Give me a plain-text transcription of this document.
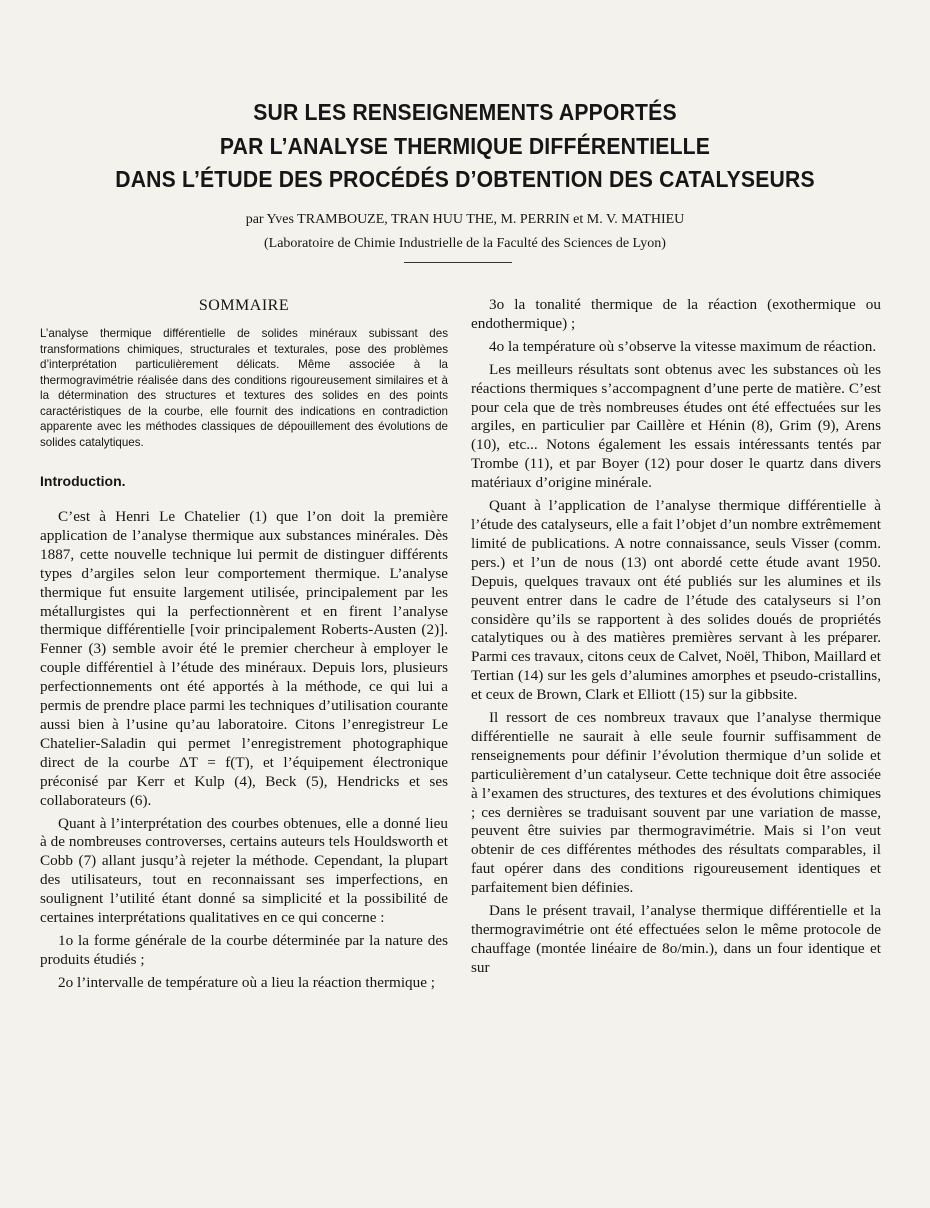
SUR LES RENSEIGNEMENTS APPORTÉS
PAR L’ANALYSE THERMIQUE DIFFÉRENTIELLE
DANS L’ÉTUDE DES PROCÉDÉS D’OBTENTION DES CATALYSEURS
par Yves TRAMBOUZE, TRAN HUU THE, M. PERRIN et M. V. MATHIEU
(Laboratoire de Chimie Industrielle de la Faculté des Sciences de Lyon)
SOMMAIRE
L’analyse thermique différentielle de solides minéraux subissant des transformations chimiques, structurales et texturales, pose des problèmes d’interprétation particulièrement délicats. Même associée à la thermogravimétrie réalisée dans des conditions rigoureusement similaires et à la détermination des structures et textures des solides en des points caractéristiques de la courbe, elle fournit des indications en contradiction apparente avec les méthodes classiques de dépouillement des évolutions de solides catalytiques.
Introduction.

C’est à Henri Le Chatelier (1) que l’on doit la première application de l’analyse thermique aux substances minérales. Dès 1887, cette nouvelle technique lui permit de distinguer différents types d’argiles selon leur comportement thermique. L’analyse thermique fut ensuite largement utilisée, principalement par les métallurgistes qui la perfectionnèrent et en firent l’analyse thermique différentielle [voir principalement Roberts-Austen (2)]. Fenner (3) semble avoir été le premier chercheur à employer le couple différentiel à l’étude des minéraux. Depuis lors, plusieurs perfectionnements ont été apportés à la méthode, ce qui lui a permis de prendre place parmi les techniques d’utilisation courante aussi bien à l’usine qu’au laboratoire. Citons l’enregistreur Le Chatelier-Saladin qui permet l’enregistrement photographique direct de la courbe ΔT = f(T), et l’équipement électronique préconisé par Kerr et Kulp (4), Beck (5), Hendricks et ses collaborateurs (6).

Quant à l’interprétation des courbes obtenues, elle a donné lieu à de nombreuses controverses, certains auteurs tels Houldsworth et Cobb (7) allant jusqu’à rejeter la méthode. Cependant, la plupart des utilisateurs, tout en reconnaissant ses imperfections, en soulignent l’utilité étant donné sa simplicité et la possibilité de certaines interprétations qualitatives en ce qui concerne :

1o la forme générale de la courbe déterminée par la nature des produits étudiés ;

2o l’intervalle de température où a lieu la réaction thermique ;

3o la tonalité thermique de la réaction (exothermique ou endothermique) ;

4o la température où s’observe la vitesse maximum de réaction.

Les meilleurs résultats sont obtenus avec les substances où les réactions thermiques s’accompagnent d’une perte de matière. C’est pour cela que de très nombreuses études ont été effectuées sur les argiles, en particulier par Caillère et Hénin (8), Grim (9), Arens (10), etc... Notons également les essais intéressants tentés par Trombe (11), et par Boyer (12) pour doser le quartz dans divers matériaux d’origine minérale.

Quant à l’application de l’analyse thermique différentielle à l’étude des catalyseurs, elle a fait l’objet d’un nombre extrêmement limité de publications. A notre connaissance, seuls Visser (comm. pers.) et l’un de nous (13) ont abordé cette étude avant 1950. Depuis, quelques travaux ont été publiés sur les alumines et ils peuvent entrer dans le cadre de l’étude des catalyseurs si l’on considère qu’ils se rapportent à des solides doués de propriétés catalytiques ou à des matières premières servant à les préparer. Parmi ces travaux, citons ceux de Calvet, Noël, Thibon, Maillard et Tertian (14) sur les gels d’alumines amorphes et pseudo-cristallins, et ceux de Brown, Clark et Elliott (15) sur la gibbsite.

Il ressort de ces nombreux travaux que l’analyse thermique différentielle ne saurait à elle seule fournir suffisamment de renseignements pour définir l’évolution thermique d’un solide et particulièrement d’un catalyseur. Cette technique doit être associée à l’examen des structures, des textures et des évolutions chimiques ; ces dernières se traduisant souvent par une variation de masse, peuvent être suivies par thermogravimétrie. Mais si l’on veut obtenir de ces différentes méthodes des résultats comparables, il faut opérer dans des conditions rigoureusement identiques et parfaitement bien définies.

Dans le présent travail, l’analyse thermique différentielle et la thermogravimétrie ont été effectuées selon le même protocole de chauffage (montée linéaire de 8o/min.), dans un four identique et sur
